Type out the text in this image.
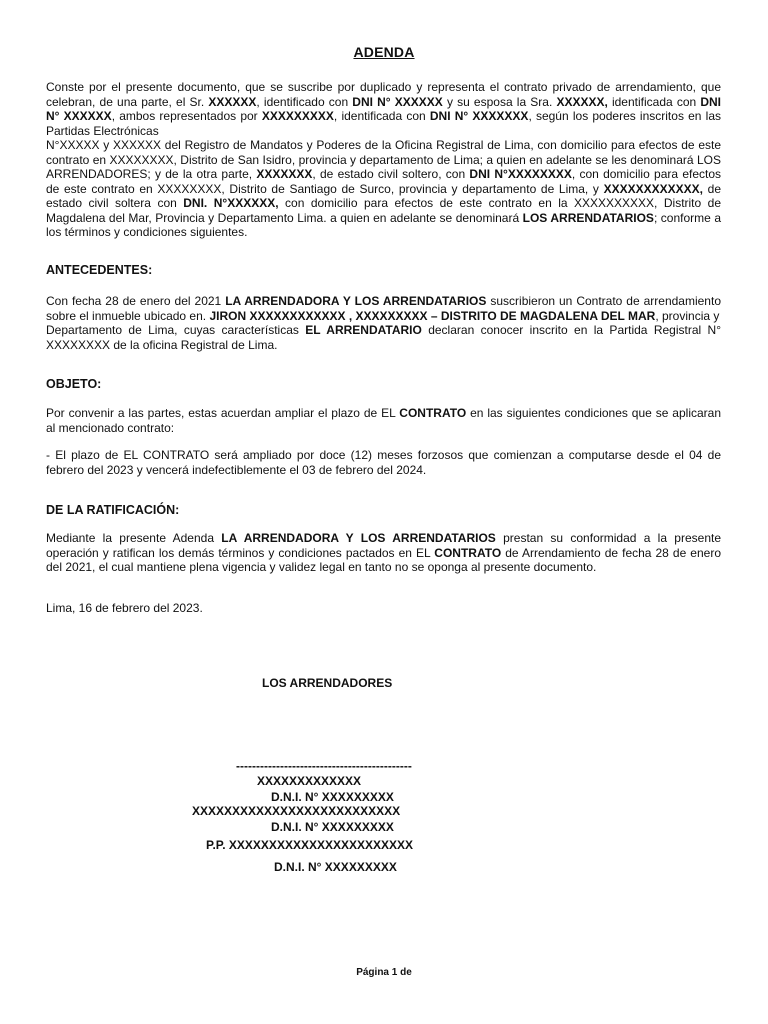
ADENDA
Conste por el presente documento, que se suscribe por duplicado y representa el contrato privado de arrendamiento, que celebran, de una parte, el Sr. XXXXXX, identificado con DNI N° XXXXXX y su esposa la Sra. XXXXXX, identificada con DNI N° XXXXXX, ambos representados por XXXXXXXXX, identificada con DNI N° XXXXXXX, según los poderes inscritos en las Partidas Electrónicas
N°XXXXX y XXXXXX del Registro de Mandatos y Poderes de la Oficina Registral de Lima, con domicilio para efectos de este contrato en XXXXXXXX, Distrito de San Isidro, provincia y departamento de Lima; a quien en adelante se les denominará LOS ARRENDADORES; y de la otra parte, XXXXXXX, de estado civil soltero, con DNI N°XXXXXXXX, con domicilio para efectos de este contrato en XXXXXXXX, Distrito de Santiago de Surco, provincia y departamento de Lima, y XXXXXXXXXXXX, de estado civil soltera con DNI. N°XXXXXX, con domicilio para efectos de este contrato en la XXXXXXXXXX, Distrito de Magdalena del Mar, Provincia y Departamento Lima. a quien en adelante se denominará LOS ARRENDATARIOS; conforme a los términos y condiciones siguientes.
ANTECEDENTES:
Con fecha 28 de enero del 2021 LA ARRENDADORA Y LOS ARRENDATARIOS suscribieron un Contrato de arrendamiento sobre el inmueble ubicado en. JIRON XXXXXXXXXXXX , XXXXXXXXX – DISTRITO DE MAGDALENA DEL MAR, provincia y
Departamento de Lima, cuyas características EL ARRENDATARIO declaran conocer inscrito en la Partida Registral N° XXXXXXXX de la oficina Registral de Lima.
OBJETO:
Por convenir a las partes, estas acuerdan ampliar el plazo de EL CONTRATO en las siguientes condiciones que se aplicaran al mencionado contrato:
- El plazo de EL CONTRATO será ampliado por doce (12) meses forzosos que comienzan a computarse desde el 04 de febrero del 2023 y vencerá indefectiblemente el 03 de febrero del 2024.
DE LA RATIFICACIÓN:
Mediante la presente Adenda LA ARRENDADORA Y LOS ARRENDATARIOS prestan su conformidad a la presente operación y ratifican los demás términos y condiciones pactados en EL CONTRATO de Arrendamiento de fecha 28 de enero del 2021, el cual mantiene plena vigencia y validez legal en tanto no se oponga al presente documento.
Lima, 16 de febrero del 2023.
LOS ARRENDADORES
--------------------------------------------
XXXXXXXXXXXXX
D.N.I. N° XXXXXXXXX
XXXXXXXXXXXXXXXXXXXXXXXXXX
D.N.I. N° XXXXXXXXX
P.P. XXXXXXXXXXXXXXXXXXXXXXX
D.N.I. N° XXXXXXXXX
Página 1 de
